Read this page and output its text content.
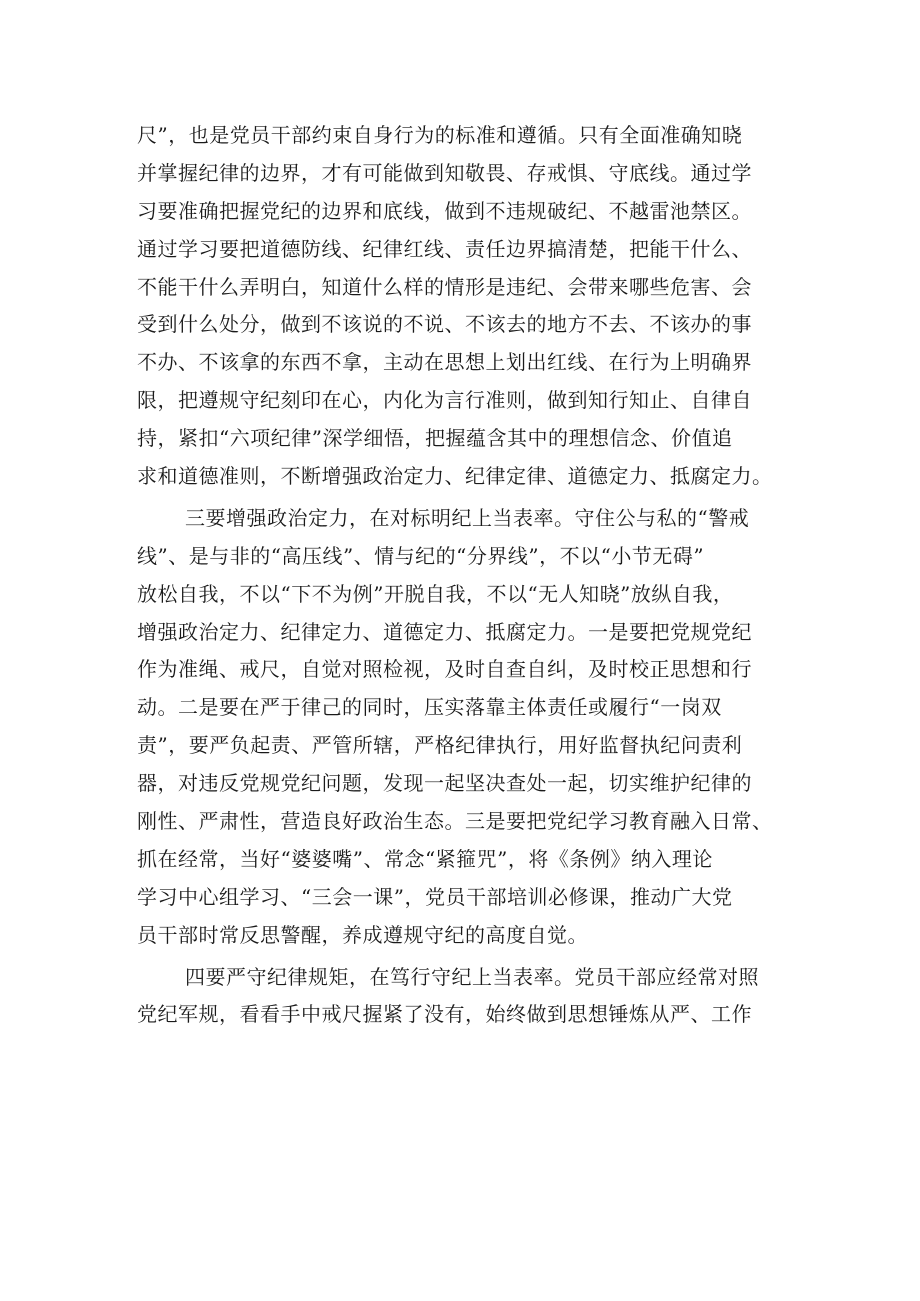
尺”，也是党员干部约束自身行为的标准和遵循。只有全面准确知晓
并掌握纪律的边界，才有可能做到知敬畏、存戒惧、守底线。通过学
习要准确把握党纪的边界和底线，做到不违规破纪、不越雷池禁区。
通过学习要把道德防线、纪律红线、责任边界搞清楚，把能干什么、
不能干什么弄明白，知道什么样的情形是违纪、会带来哪些危害、会
受到什么处分，做到不该说的不说、不该去的地方不去、不该办的事
不办、不该拿的东西不拿，主动在思想上划出红线、在行为上明确界
限，把遵规守纪刻印在心，内化为言行准则，做到知行知止、自律自
持，紧扣“六项纪律”深学细悟，把握蕴含其中的理想信念、价值追
求和道德准则，不断增强政治定力、纪律定律、道德定力、抵腐定力。
三要增强政治定力，在对标明纪上当表率。守住公与私的“警戒
线”、是与非的“高压线”、情与纪的“分界线”，不以“小节无碍”
放松自我，不以“下不为例”开脱自我，不以“无人知晓”放纵自我，
增强政治定力、纪律定力、道德定力、抵腐定力。一是要把党规党纪
作为准绳、戒尺，自觉对照检视，及时自查自纠，及时校正思想和行
动。二是要在严于律己的同时，压实落靠主体责任或履行“一岗双
责”，要严负起责、严管所辖，严格纪律执行，用好监督执纪问责利
器，对违反党规党纪问题，发现一起坚决查处一起，切实维护纪律的
刚性、严肃性，营造良好政治生态。三是要把党纪学习教育融入日常、
抓在经常，当好“婆婆嘴”、常念“紧箍咒”，将《条例》纳入理论
学习中心组学习、“三会一课”，党员干部培训必修课，推动广大党
员干部时常反思警醒，养成遵规守纪的高度自觉。
四要严守纪律规矩，在笃行守纪上当表率。党员干部应经常对照
党纪军规，看看手中戒尺握紧了没有，始终做到思想锤炼从严、工作
